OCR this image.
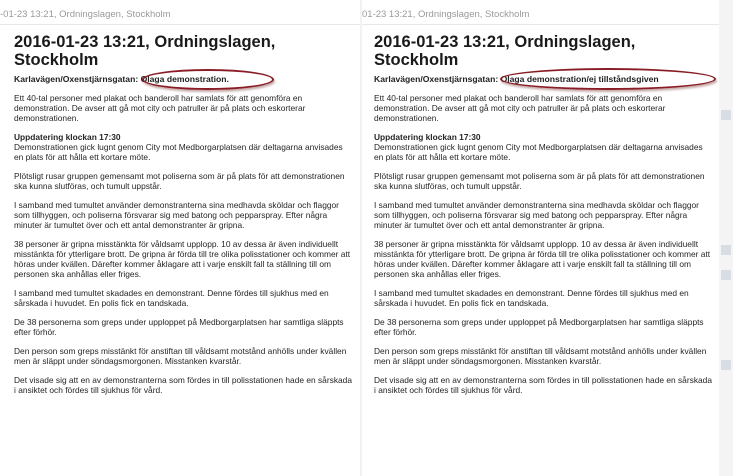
-01-23 13:21, Ordningslagen, Stockholm
2016-01-23 13:21, Ordningslagen, Stockholm
Karlavägen/Oxenstjärnsgatan: Olaga demonstration.

Ett 40-tal personer med plakat och banderoll har samlats för att genomföra en demonstration. De avser att gå mot city och patruller är på plats och eskorterar demonstrationen.

Uppdatering klockan 17:30
Demonstrationen gick lugnt genom City mot Medborgarplatsen där deltagarna anvisades en plats för att hålla ett kortare möte.

Plötsligt rusar gruppen gemensamt mot poliserna som är på plats för att demonstrationen ska kunna slutföras, och tumult uppstår.

I samband med tumultet använder demonstranterna sina medhavda sköldar och flaggor som tillhyggen, och poliserna försvarar sig med batong och pepparspray. Efter några minuter är tumultet över och ett antal demonstranter är gripna.

38 personer är gripna misstänkta för våldsamt upplopp. 10 av dessa är även individuellt misstänkta för ytterligare brott. De gripna är förda till tre olika polisstationer och kommer att höras under kvällen. Därefter kommer åklagare att i varje enskilt fall ta ställning till om personen ska anhållas eller friges.

I samband med tumultet skadades en demonstrant. Denne fördes till sjukhus med en sårskada i huvudet. En polis fick en tandskada.

De 38 personerna som greps under upploppet på Medborgarplatsen har samtliga släppts efter förhör.

Den person som greps misstänkt för anstiftan till våldsamt motstånd anhölls under kvällen men är släppt under söndagsmorgonen. Misstanken kvarstår.

Det visade sig att en av demonstranterna som fördes in till polisstationen hade en sårskada i ansiktet och fördes till sjukhus för vård.

01-23 13:21, Ordningslagen, Stockholm
2016-01-23 13:21, Ordningslagen, Stockholm
Karlavägen/Oxenstjärnsgatan: Olaga demonstration/ej tillståndsgiven

Ett 40-tal personer med plakat och banderoll har samlats för att genomföra en demonstration. De avser att gå mot city och patruller är på plats och eskorterar demonstrationen.

Uppdatering klockan 17:30
Demonstrationen gick lugnt genom City mot Medborgarplatsen där deltagarna anvisades en plats för att hålla ett kortare möte.

Plötsligt rusar gruppen gemensamt mot poliserna som är på plats för att demonstrationen ska kunna slutföras, och tumult uppstår.

I samband med tumultet använder demonstranterna sina medhavda sköldar och flaggor som tillhyggen, och poliserna försvarar sig med batong och pepparspray. Efter några minuter är tumultet över och ett antal demonstranter är gripna.

38 personer är gripna misstänkta för våldsamt upplopp. 10 av dessa är även individuellt misstänkta för ytterligare brott. De gripna är förda till tre olika polisstationer och kommer att höras under kvällen. Därefter kommer åklagare att i varje enskilt fall ta ställning till om personen ska anhållas eller friges.

I samband med tumultet skadades en demonstrant. Denne fördes till sjukhus med en sårskada i huvudet. En polis fick en tandskada.

De 38 personerna som greps under upploppet på Medborgarplatsen har samtliga släppts efter förhör.

Den person som greps misstänkt för anstiftan till våldsamt motstånd anhölls under kvällen men är släppt under söndagsmorgonen. Misstanken kvarstår.

Det visade sig att en av demonstranterna som fördes in till polisstationen hade en sårskada i ansiktet och fördes till sjukhus för vård.
